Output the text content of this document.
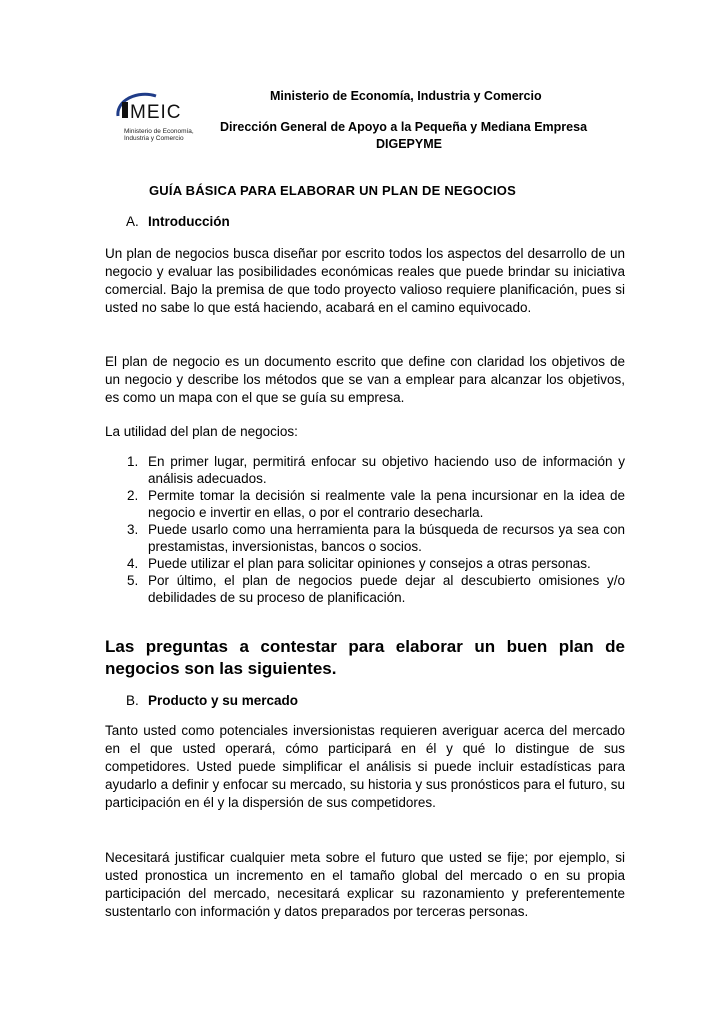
MEIC
Ministerio de Economía, Industria y Comercio
Ministerio de Economía, Industria y Comercio
Dirección General de Apoyo a la Pequeña y Mediana Empresa
DIGEPYME
GUÍA BÁSICA PARA ELABORAR UN PLAN DE NEGOCIOS
A. Introducción
Un plan de negocios busca diseñar por escrito todos los aspectos del desarrollo de un negocio y evaluar las posibilidades económicas reales que puede brindar su iniciativa comercial. Bajo la premisa de que todo proyecto valioso requiere planificación, pues si usted no sabe lo que está haciendo, acabará en el camino equivocado.
El plan de negocio es un documento escrito que define con claridad los objetivos de un negocio y describe los métodos que se van a emplear para alcanzar los objetivos, es como un mapa con el que se guía su empresa.
La utilidad del plan de negocios:
1. En primer lugar, permitirá enfocar su objetivo haciendo uso de información y análisis adecuados.
2. Permite tomar la decisión si realmente vale la pena incursionar en la idea de negocio e invertir en ellas, o por el contrario desecharla.
3. Puede usarlo como una herramienta para la búsqueda de recursos ya sea con prestamistas, inversionistas, bancos o socios.
4. Puede utilizar el plan para solicitar opiniones y consejos a otras personas.
5. Por último, el plan de negocios puede dejar al descubierto omisiones y/o debilidades de su proceso de planificación.
Las preguntas a contestar para elaborar un buen plan de negocios son las siguientes.
B. Producto y su mercado
Tanto usted como potenciales inversionistas requieren averiguar acerca del mercado en el que usted operará, cómo participará en él y qué lo distingue de sus competidores. Usted puede simplificar el análisis si puede incluir estadísticas para ayudarlo a definir y enfocar su mercado, su historia y sus pronósticos para el futuro, su participación en él y la dispersión de sus competidores.
Necesitará justificar cualquier meta sobre el futuro que usted se fije; por ejemplo, si usted pronostica un incremento en el tamaño global del mercado o en su propia participación del mercado, necesitará explicar su razonamiento y preferentemente sustentarlo con información y datos preparados por terceras personas.
